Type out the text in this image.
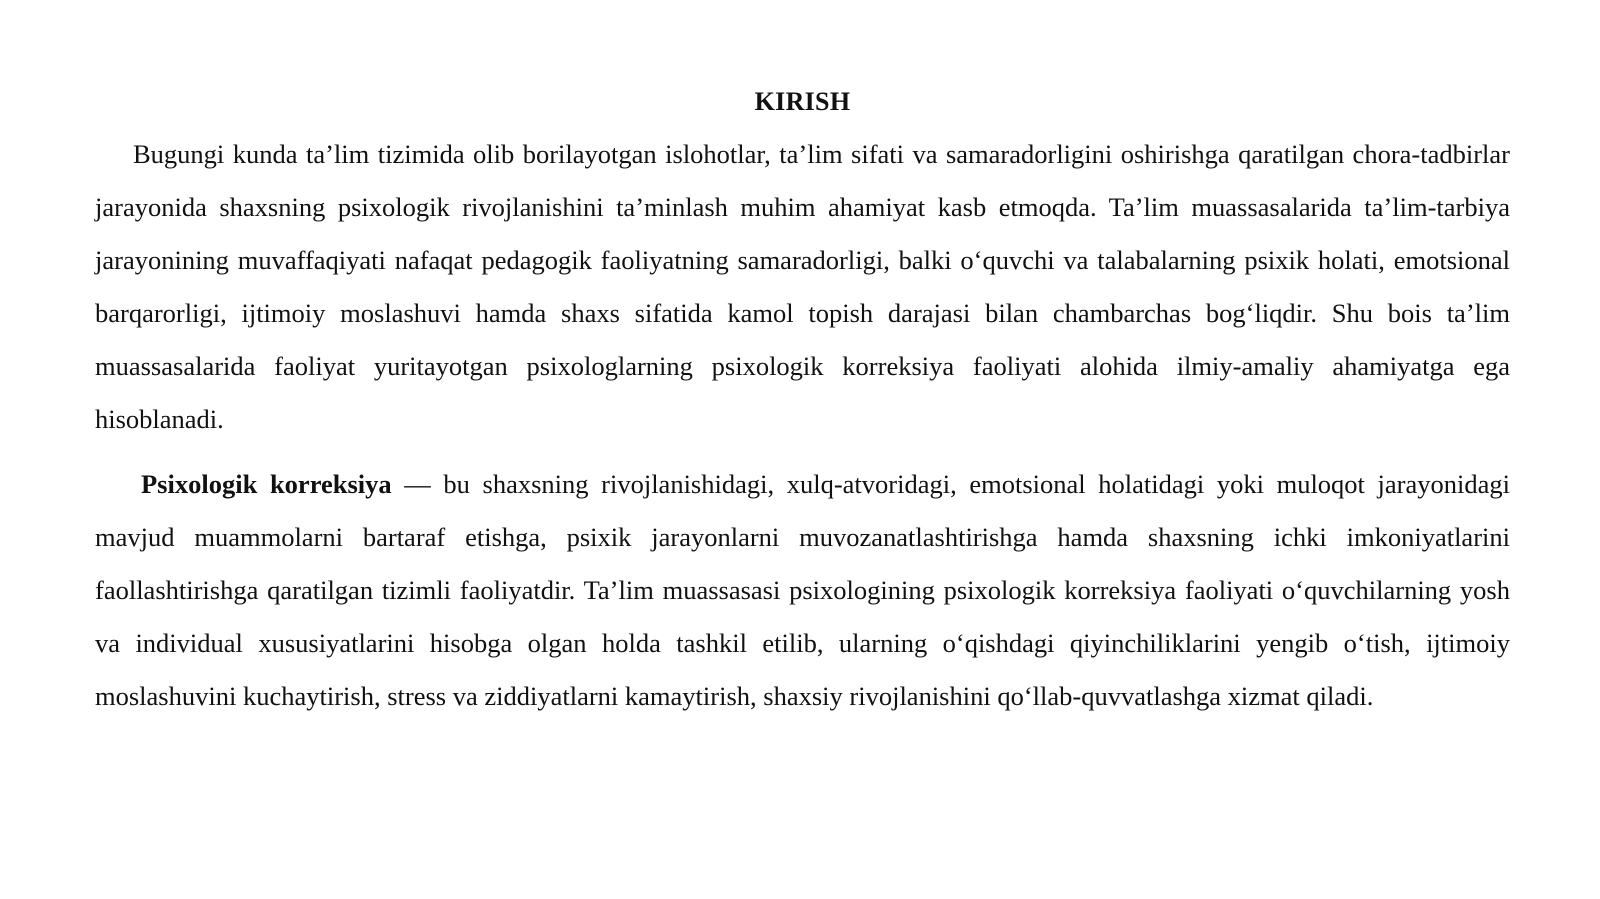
KIRISH

Bugungi kunda ta’lim tizimida olib borilayotgan islohotlar, ta’lim sifati va samaradorligini oshirishga qaratilgan chora-tadbirlar jarayonida shaxsning psixologik rivojlanishini ta’minlash muhim ahamiyat kasb etmoqda. Ta’lim muassasalarida ta’lim-tarbiya jarayonining muvaffaqiyati nafaqat pedagogik faoliyatning samaradorligi, balki o‘quvchi va talabalarning psixik holati, emotsional barqarorligi, ijtimoiy moslashuvi hamda shaxs sifatida kamol topish darajasi bilan chambarchas bog‘liqdir. Shu bois ta’lim muassasalarida faoliyat yuritayotgan psixologlarning psixologik korreksiya faoliyati alohida ilmiy-amaliy ahamiyatga ega hisoblanadi.

Psixologik korreksiya — bu shaxsning rivojlanishidagi, xulq-atvoridagi, emotsional holatidagi yoki muloqot jarayonidagi mavjud muammolarni bartaraf etishga, psixik jarayonlarni muvozanatlashtirishga hamda shaxsning ichki imkoniyatlarini faollashtirishga qaratilgan tizimli faoliyatdir. Ta’lim muassasasi psixologining psixologik korreksiya faoliyati o‘quvchilarning yosh va individual xususiyatlarini hisobga olgan holda tashkil etilib, ularning o‘qishdagi qiyinchiliklarini yengib o‘tish, ijtimoiy moslashuvini kuchaytirish, stress va ziddiyatlarni kamaytirish, shaxsiy rivojlanishini qo‘llab-quvvatlashga xizmat qiladi.
